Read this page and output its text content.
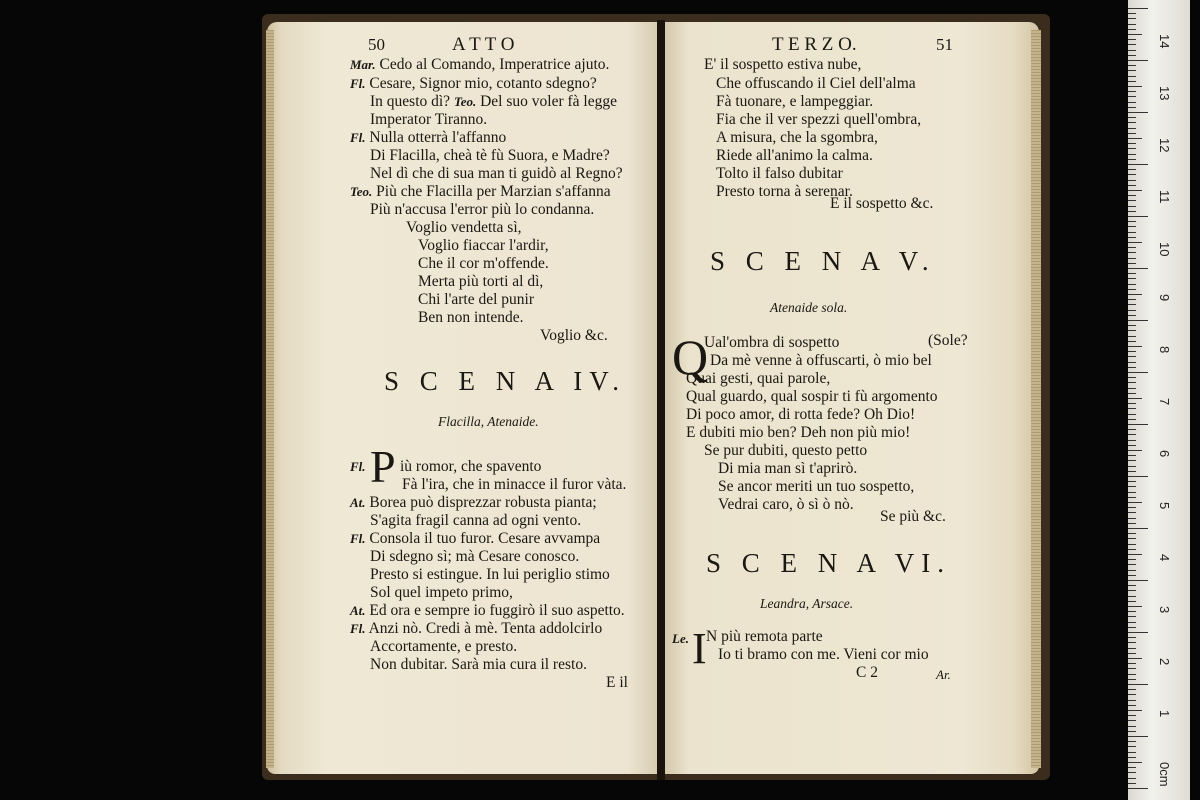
50	A T T O
Mar. Cedo al Comando, Imperatrice ajuto.
Fl. Cesare, Signor mio, cotanto sdegno?
In questo dì? Teo. Del suo voler fà legge
Imperator Tiranno.
Fl. Nulla otterrà l'affanno
Di Flacilla, cheà tè fù Suora, e Madre?
Nel dì che di sua man ti guidò al Regno?
Teo. Più che Flacilla per Marzian s'affanna
Più n'accusa l'error più lo condanna.
Voglio vendetta sì,
Voglio fiaccar l'ardir,
Che il cor m'offende.
Merta più torti al dì,
Chi l'arte del punir
Ben non intende.
Voglio &c.
S C E N A IV.
Flacilla, Atenaide.
Fl. P iù romor, che spavento
Fà l'ira, che in minacce il furor vàta.
At. Borea può disprezzar robusta pianta;
S'agita fragil canna ad ogni vento.
Fl. Consola il tuo furor. Cesare avvampa
Di sdegno sì; mà Cesare conosco.
Presto si estingue. In lui periglio stimo
Sol quel impeto primo,
At. Ed ora e sempre io fuggirò il suo aspetto.
Fl. Anzi nò. Credi à mè. Tenta addolcirlo
Accortamente, e presto.
Non dubitar. Sarà mia cura il resto.
E il
T E R Z O.	51
E' il sospetto estiva nube,
Che offuscando il Ciel dell'alma
Fà tuonare, e lampeggiar.
Fia che il ver spezzi quell'ombra,
A misura, che la sgombra,
Riede all'animo la calma.
Tolto il falso dubitar
Presto torna à serenar.
E il sospetto &c.
S C E N A V.
Atenaide sola.
Q
Ual'ombra di sospetto	(Sole?
Da mè venne à offuscarti, ò mio bel
Quai gesti, quai parole,
Qual guardo, qual sospir ti fù argomento
Di poco amor, di rotta fede? Oh Dio!
E dubiti mio ben? Deh non più mio!
Se pur dubiti, questo petto
Di mia man sì t'aprirò.
Se ancor meriti un tuo sospetto,
Vedrai caro, ò sì ò nò.
Se più &c.
S C E N A VI.
Leandra, Arsace.
Le. I N più remota parte
Io ti bramo con me. Vieni cor mio
C 2	Ar.
14
13
12
11
10
9
8
7
6
5
4
3
2
1
0cm
